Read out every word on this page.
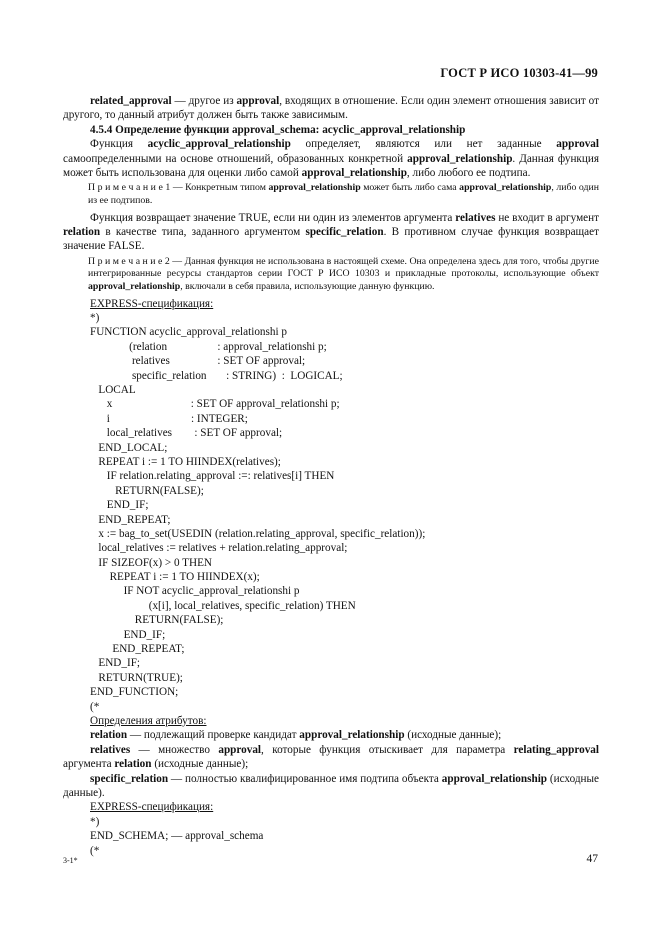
ГОСТ Р ИСО 10303-41—99

related_approval — другое из approval, входящих в отношение. Если один элемент отношения зависит от другого, то данный атрибут должен быть также зависимым.

4.5.4 Определение функции approval_schema: acyclic_approval_relationship

Функция acyclic_approval_relationship определяет, являются или нет заданные approval самоопределенными на основе отношений, образованных конкретной approval_relationship. Данная функция может быть использована для оценки либо самой approval_relationship, либо любого ее подтипа.

П р и м е ч а н и е 1 — Конкретным типом approval_relationship может быть либо сама approval_relationship, либо один из ее подтипов.

Функция возвращает значение TRUE, если ни один из элементов аргумента relatives не входит в аргумент relation в качестве типа, заданного аргументом specific_relation. В противном случае функция возвращает значение FALSE.

П р и м е ч а н и е 2 — Данная функция не использована в настоящей схеме. Она определена здесь для того, чтобы другие интегрированные ресурсы стандартов серии ГОСТ Р ИСО 10303 и прикладные протоколы, использующие объект approval_relationship, включали в себя правила, использующие данную функцию.

EXPRESS-спецификация:

*)
FUNCTION acyclic_approval_relationshi p
(relation                  : approval_relationshi p;
relatives                 : SET OF approval;
specific_relation       : STRING)  :  LOGICAL;
LOCAL
x                            : SET OF approval_relationshi p;
i                             : INTEGER;
local_relatives        : SET OF approval;
END_LOCAL;
REPEAT i := 1 TO HIINDEX(relatives);
IF relation.relating_approval :=: relatives[i] THEN
RETURN(FALSE);
END_IF;
END_REPEAT;
x := bag_to_set(USEDIN (relation.relating_approval, specific_relation));
local_relatives := relatives + relation.relating_approval;
IF SIZEOF(x) > 0 THEN
REPEAT i := 1 TO HIINDEX(x);
IF NOT acyclic_approval_relationshi p
(x[i], local_relatives, specific_relation) THEN
RETURN(FALSE);
END_IF;
END_REPEAT;
END_IF;
RETURN(TRUE);
END_FUNCTION;
(*

Определения атрибутов:

relation — подлежащий проверке кандидат approval_relationship (исходные данные);

relatives — множество approval, которые функция отыскивает для параметра relating_approval аргумента relation (исходные данные);

specific_relation — полностью квалифицированное имя подтипа объекта approval_relationship (исходные данные).

EXPRESS-спецификация:

*)
END_SCHEMA; — approval_schema
(*
3-1*	47
